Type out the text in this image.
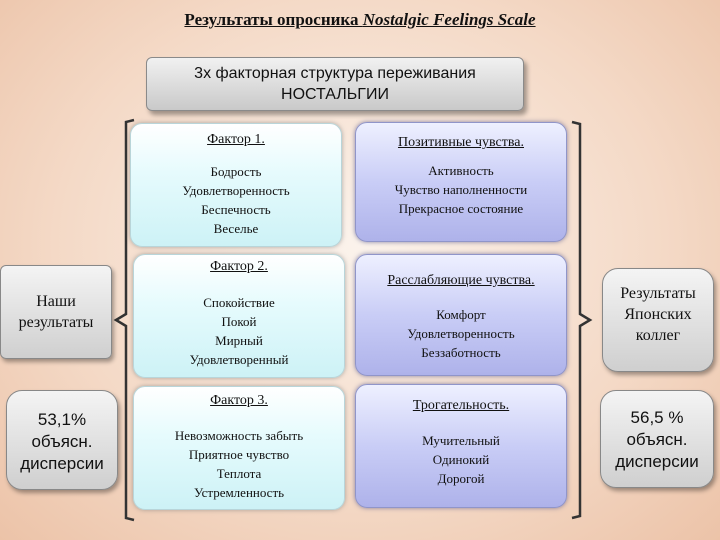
Результаты опросника Nostalgic Feelings Scale
3х факторная структура переживания
НОСТАЛЬГИИ
Фактор 1.
Бодрость
Удовлетворенность
Беспечность
Веселье
Фактор 2.
Спокойствие
Покой
Мирный
Удовлетворенный
Фактор 3.
Невозможность забыть
Приятное чувство
Теплота
Устремленность
Позитивные чувства.
Активность
Чувство наполненности
Прекрасное состояние
Расслабляющие чувства.
Комфорт
Удовлетворенность
Беззаботность
Трогательность.
Мучительный
Одинокий
Дорогой
Наши
результаты
53,1%
объясн.
дисперсии
Результаты
Японских
коллег
56,5 %
объясн.
дисперсии
